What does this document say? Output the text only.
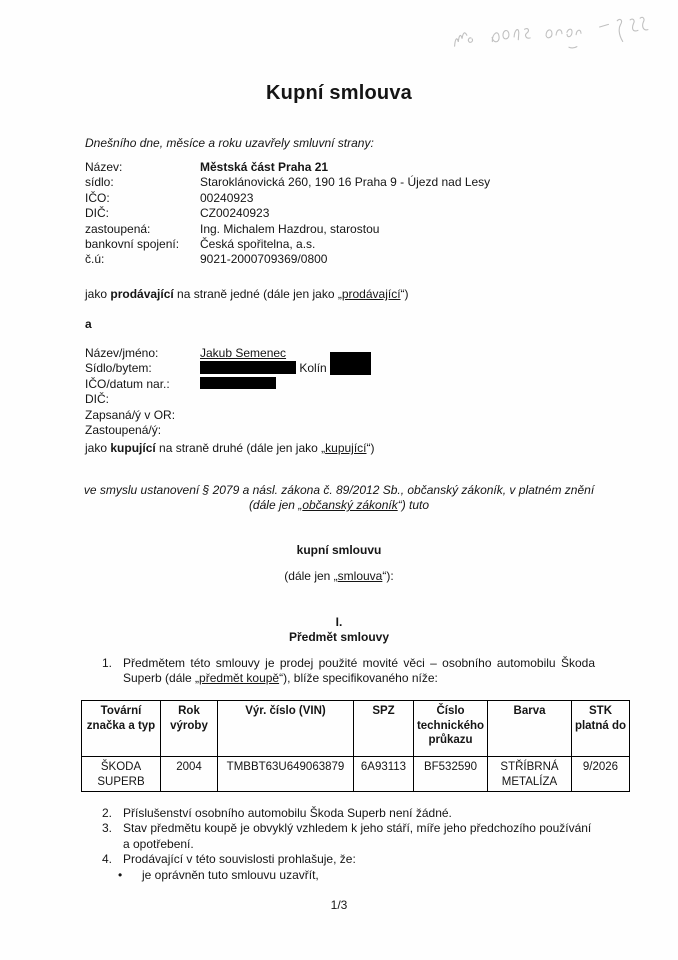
Kupní smlouva
Dnešního dne, měsíce a roku uzavřely smluvní strany:
Název:	Městská část Praha 21
sídlo:	Staroklánovická 260, 190 16 Praha 9 - Újezd nad Lesy
IČO:	00240923
DIČ:	CZ00240923
zastoupená:	Ing. Michalem Hazdrou, starostou
bankovní spojení:	Česká spořitelna, a.s.
č.ú:	9021-2000709369/0800
jako prodávající na straně jedné (dále jen jako „prodávající“)
a
Název/jméno:	Jakub Semenec
Sídlo/bytem:	Kolín
IČO/datum nar.:
DIČ:
Zapsaná/ý v OR:
Zastoupená/ý:
jako kupující na straně druhé (dále jen jako „kupující“)
ve smyslu ustanovení § 2079 a násl. zákona č. 89/2012 Sb., občanský zákoník, v platném znění
(dále jen „občanský zákoník“) tuto
kupní smlouvu
(dále jen „smlouva“):
I.
Předmět smlouvy
1. Předmětem této smlouvy je prodej použité movité věci – osobního automobilu Škoda Superb (dále „předmět koupě“), blíže specifikovaného níže:
Tovární značka a typ	Rok výroby	Výr. číslo (VIN)	SPZ	Číslo technického průkazu	Barva	STK platná do
ŠKODA SUPERB	2004	TMBBT63U649063879	6A93113	BF532590	STŘÍBRNÁ METALÍZA	9/2026
2. Příslušenství osobního automobilu Škoda Superb není žádné.
3. Stav předmětu koupě je obvyklý vzhledem k jeho stáří, míře jeho předchozího používání a opotřebení.
4. Prodávající v této souvislosti prohlašuje, že:
•	je oprávněn tuto smlouvu uzavřít,
1/3
